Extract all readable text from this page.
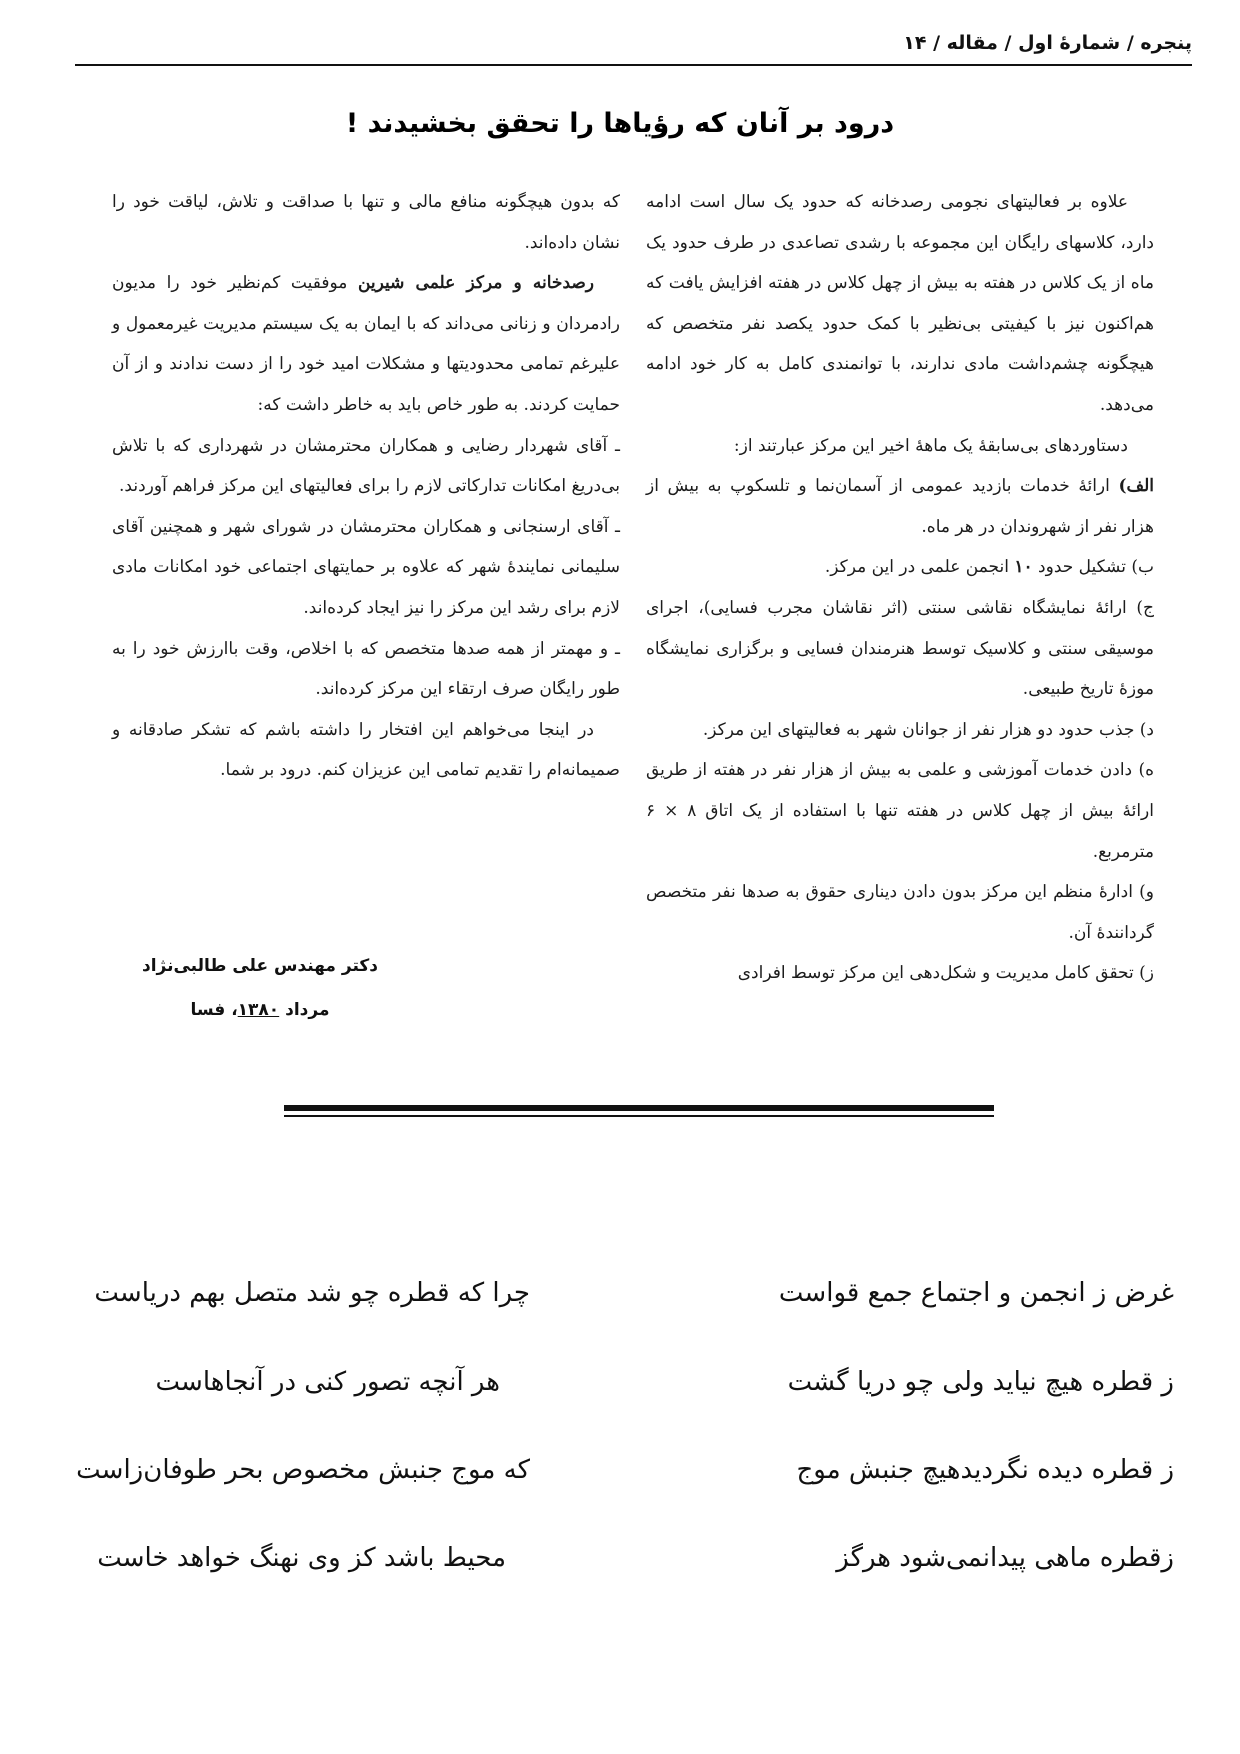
پنجره / شمارهٔ اول / مقاله / ۱۴
درود بر آنان که رؤیاها را تحقق بخشیدند !

علاوه بر فعالیتهای نجومی رصدخانه که حدود یک سال است ادامه دارد، کلاسهای رایگان این مجموعه با رشدی تصاعدی در طرف حدود یک ماه از یک کلاس در هفته به بیش از چهل کلاس در هفته افزایش یافت که هم‌اکنون نیز با کیفیتی بی‌نظیر با کمک حدود یکصد نفر متخصص که هیچگونه چشم‌داشت مادی ندارند، با توانمندی کامل به کار خود ادامه می‌دهد.

دستاوردهای بی‌سابقهٔ یک ماههٔ اخیر این مرکز عبارتند از:

الف) ارائهٔ خدمات بازدید عمومی از آسمان‌نما و تلسکوپ به بیش از هزار نفر از شهروندان در هر ماه.

ب) تشکیل حدود ۱۰ انجمن علمی در این مرکز.

ج) ارائهٔ نمایشگاه نقاشی سنتی (اثر نقاشان مجرب فسایی)، اجرای موسیقی سنتی و کلاسیک توسط هنرمندان فسایی و برگزاری نمایشگاه موزهٔ تاریخ طبیعی.

د) جذب حدود دو هزار نفر از جوانان شهر به فعالیتهای این مرکز.

ه) دادن خدمات آموزشی و علمی به بیش از هزار نفر در هفته از طریق ارائهٔ بیش از چهل کلاس در هفته تنها با استفاده از یک اتاق ۸ × ۶ مترمربع.

و) ادارهٔ منظم این مرکز بدون دادن دیناری حقوق به صدها نفر متخصص گردانندهٔ آن.

ز) تحقق کامل مدیریت و شکل‌دهی این مرکز توسط افرادی

که بدون هیچگونه منافع مالی و تنها با صداقت و تلاش، لیاقت خود را نشان داده‌اند.

رصدخانه و مرکز علمی شیرین موفقیت کم‌نظیر خود را مدیون رادمردان و زنانی می‌داند که با ایمان به یک سیستم مدیریت غیرمعمول و علیرغم تمامی محدودیتها و مشکلات امید خود را از دست ندادند و از آن حمایت کردند. به طور خاص باید به خاطر داشت که:

ـ آقای شهردار رضایی و همکاران محترمشان در شهرداری که با تلاش بی‌دریغ امکانات تدارکاتی لازم را برای فعالیتهای این مرکز فراهم آوردند.

ـ آقای ارسنجانی و همکاران محترمشان در شورای شهر و همچنین آقای سلیمانی نمایندهٔ شهر که علاوه بر حمایتهای اجتماعی خود امکانات مادی لازم برای رشد این مرکز را نیز ایجاد کرده‌اند.

ـ و مهمتر از همه صدها متخصص که با اخلاص، وقت باارزش خود را به طور رایگان صرف ارتقاء این مرکز کرده‌اند.

در اینجا می‌خواهم این افتخار را داشته باشم که تشکر صادقانه و صمیمانه‌ام را تقدیم تمامی این عزیزان کنم. درود بر شما.

دکتر مهندس علی طالبی‌نژاد
مرداد ۱۳۸۰، فسا
غرض ز انجمن و اجتماع جمع قواست
چرا که قطره چو شد متصل بهم دریاست
ز قطره هیچ نیاید ولی چو دریا گشت
هر آنچه تصور کنی در آنجاهاست
ز قطره دیده نگردیدهیچ جنبش موج
که موج جنبش مخصوص بحر طوفان‌زاست
زقطره ماهی پیدانمی‌شود هرگز
محیط باشد کز وی نهنگ خواهد خاست
